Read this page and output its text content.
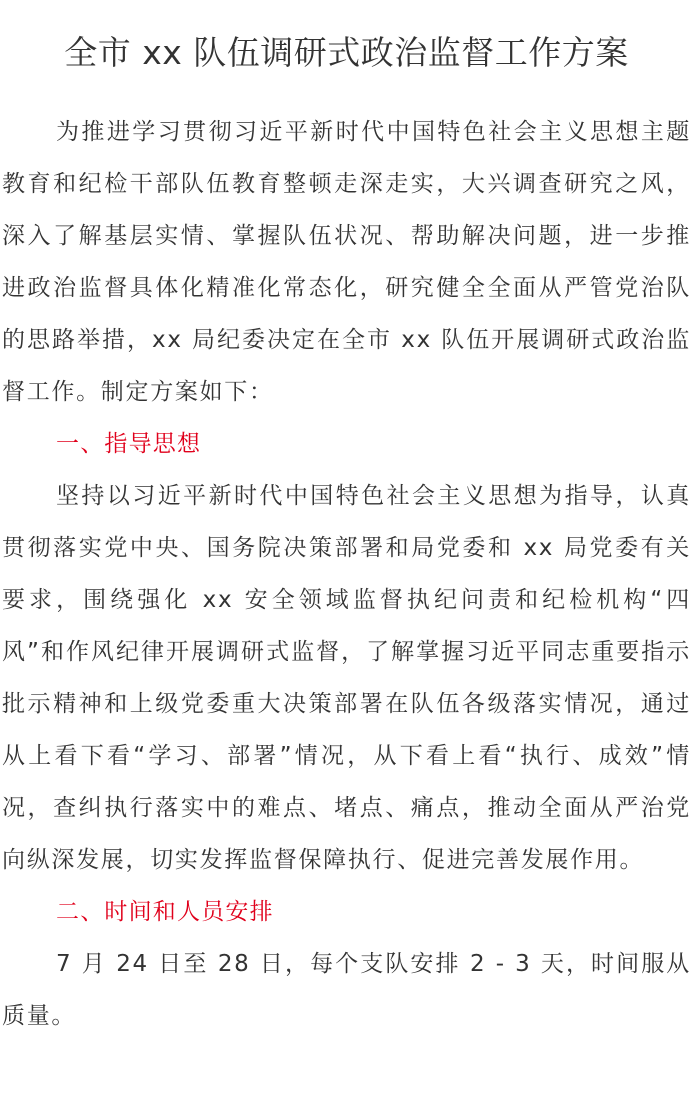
全市 xx 队伍调研式政治监督工作方案

为推进学习贯彻习近平新时代中国特色社会主义思想主题教育和纪检干部队伍教育整顿走深走实，大兴调查研究之风，深入了解基层实情、掌握队伍状况、帮助解决问题，进一步推进政治监督具体化精准化常态化，研究健全全面从严管党治队的思路举措，xx 局纪委决定在全市 xx 队伍开展调研式政治监督工作。制定方案如下：

一、指导思想

坚持以习近平新时代中国特色社会主义思想为指导，认真贯彻落实党中央、国务院决策部署和局党委和 xx 局党委有关要求，围绕强化 xx 安全领域监督执纪问责和纪检机构“四风”和作风纪律开展调研式监督，了解掌握习近平同志重要指示批示精神和上级党委重大决策部署在队伍各级落实情况，通过从上看下看“学习、部署”情况，从下看上看“执行、成效”情况，查纠执行落实中的难点、堵点、痛点，推动全面从严治党向纵深发展，切实发挥监督保障执行、促进完善发展作用。

二、时间和人员安排

7 月 24 日至 28 日，每个支队安排 2 - 3 天，时间服从质量。
